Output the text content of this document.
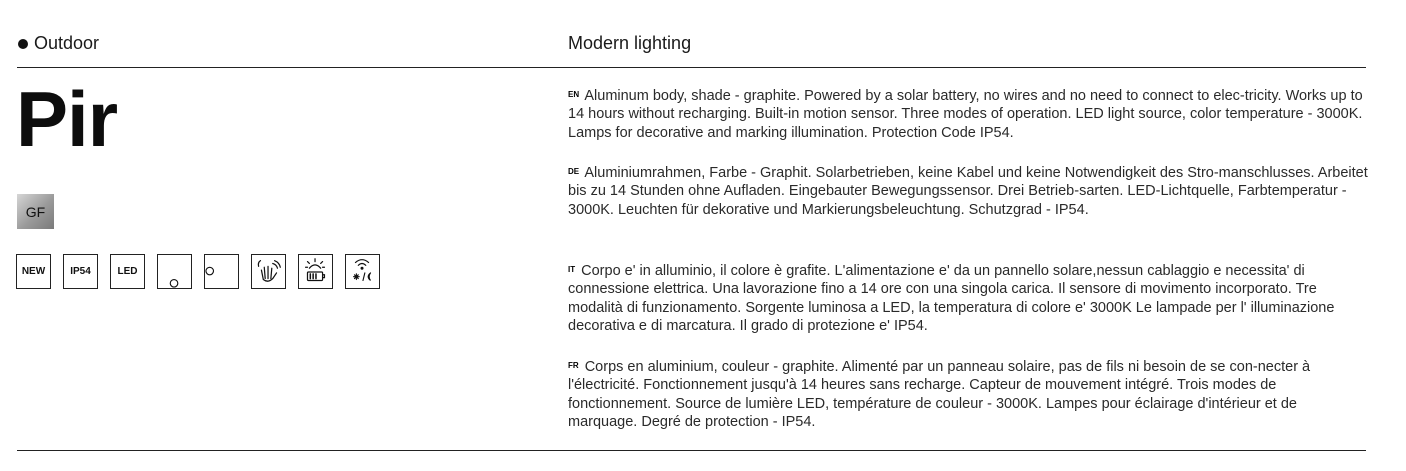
Outdoor	Modern lighting
Pir
GF
NEW	IP54	LED
$^{EN}$ Aluminum body, shade - graphite. Powered by a solar battery, no wires and no need to connect to elec-tricity. Works up to 14 hours without recharging. Built-in motion sensor. Three modes of operation. LED light source, color temperature - 3000K. Lamps for decorative and marking illumination. Protection Code IP54.
$^{DE}$ Aluminiumrahmen, Farbe - Graphit. Solarbetrieben, keine Kabel und keine Notwendigkeit des Stro-manschlusses. Arbeitet bis zu 14 Stunden ohne Aufladen. Eingebauter Bewegungssensor. Drei Betrieb-sarten. LED-Lichtquelle, Farbtemperatur - 3000K. Leuchten für dekorative und Markierungsbeleuchtung. Schutzgrad - IP54.
$^{IT}$ Corpo e' in alluminio, il colore è grafite. L'alimentazione e' da un pannello solare,nessun cablaggio e necessita' di connessione elettrica. Una lavorazione fino a 14 ore con una singola carica. Il sensore di movimento incorporato. Tre modalità di funzionamento. Sorgente luminosa a LED, la temperatura di colore e' 3000K Le lampade per l' illuminazione decorativa e di marcatura. Il grado di protezione e' IP54.
$^{FR}$ Corps en aluminium, couleur - graphite. Alimenté par un panneau solaire, pas de fils ni besoin de se con-necter à l'électricité. Fonctionnement jusqu'à 14 heures sans recharge. Capteur de mouvement intégré. Trois modes de fonctionnement. Source de lumière LED, température de couleur - 3000K. Lampes pour éclairage d'intérieur et de marquage. Degré de protection - IP54.
